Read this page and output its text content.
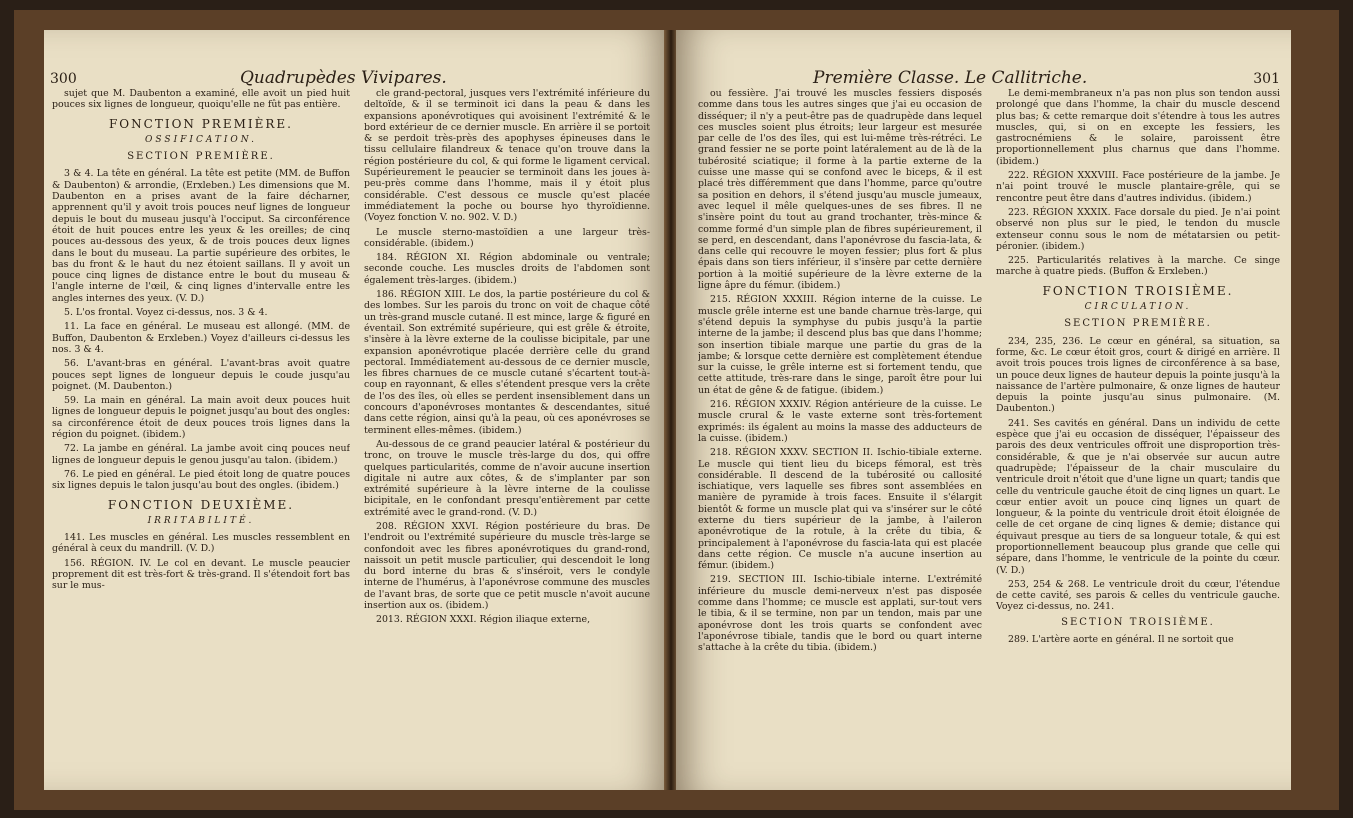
300	Quadrupèdes Vivipares.

sujet que M. Daubenton a examiné, elle avoit un pied huit pouces six lignes de longueur, quoiqu'elle ne fût pas entière.

FONCTION PREMIÈRE.
OSSIFICATION.
SECTION PREMIÈRE.

3 & 4. La tête en général. La tête est petite (MM. de Buffon & Daubenton) & arrondie, (Erxleben.) Les dimensions que M. Daubenton en a prises avant de la faire décharner, apprennent qu'il y avoit trois pouces neuf lignes de longueur depuis le bout du museau jusqu'à l'occiput. Sa circonférence étoit de huit pouces entre les yeux & les oreilles; de cinq pouces au-dessous des yeux, & de trois pouces deux lignes dans le bout du museau. La partie supérieure des orbites, le bas du front & le haut du nez étoient saillans. Il y avoit un pouce cinq lignes de distance entre le bout du museau & l'angle interne de l'œil, & cinq lignes d'intervalle entre les angles internes des yeux. (V. D.)

5. L'os frontal. Voyez ci-dessus, nos. 3 & 4.

11. La face en général. Le museau est allongé. (MM. de Buffon, Daubenton & Erxleben.) Voyez d'ailleurs ci-dessus les nos. 3 & 4.

56. L'avant-bras en général. L'avant-bras avoit quatre pouces sept lignes de longueur depuis le coude jusqu'au poignet. (M. Daubenton.)

59. La main en général. La main avoit deux pouces huit lignes de longueur depuis le poignet jusqu'au bout des ongles: sa circonférence étoit de deux pouces trois lignes dans la région du poignet. (ibidem.)

72. La jambe en général. La jambe avoit cinq pouces neuf lignes de longueur depuis le genou jusqu'au talon. (ibidem.)

76. Le pied en général. Le pied étoit long de quatre pouces six lignes depuis le talon jusqu'au bout des ongles. (ibidem.)

FONCTION DEUXIÈME.
IRRITABILITÉ.

141. Les muscles en général. Les muscles ressemblent en général à ceux du mandrill. (V. D.)

156. RÉGION. IV. Le col en devant. Le muscle peaucier proprement dit est très-fort & très-grand. Il s'étendoit fort bas sur le mus-

cle grand-pectoral, jusques vers l'extrémité inférieure du deltoïde, & il se terminoit ici dans la peau & dans les expansions aponévrotiques qui avoisinent l'extrémité & le bord extérieur de ce dernier muscle. En arrière il se portoit & se perdoit très-près des apophyses épineuses dans le tissu cellulaire filandreux & tenace qu'on trouve dans la région postérieure du col, & qui forme le ligament cervical. Supérieurement le peaucier se terminoit dans les joues à-peu-près comme dans l'homme, mais il y étoit plus considérable. C'est dessous ce muscle qu'est placée immédiatement la poche ou bourse hyo thyroïdienne. (Voyez fonction V. no. 902. V. D.)

Le muscle sterno-mastoïdien a une largeur très-considérable. (ibidem.)

184. RÉGION XI. Région abdominale ou ventrale; seconde couche. Les muscles droits de l'abdomen sont également très-larges. (ibidem.)

186. RÉGION XIII. Le dos, la partie postérieure du col & des lombes. Sur les parois du tronc on voit de chaque côté un très-grand muscle cutané. Il est mince, large & figuré en éventail. Son extrémité supérieure, qui est grêle & étroite, s'insère à la lèvre externe de la coulisse bicipitale, par une expansion aponévrotique placée derrière celle du grand pectoral. Immédiatement au-dessous de ce dernier muscle, les fibres charnues de ce muscle cutané s'écartent tout-à-coup en rayonnant, & elles s'étendent presque vers la crête de l'os des îles, où elles se perdent insensiblement dans un concours d'aponévroses montantes & descendantes, situé dans cette région, ainsi qu'à la peau, où ces aponévroses se terminent elles-mêmes. (ibidem.)

Au-dessous de ce grand peaucier latéral & postérieur du tronc, on trouve le muscle très-large du dos, qui offre quelques particularités, comme de n'avoir aucune insertion digitale ni autre aux côtes, & de s'implanter par son extrémité supérieure à la lèvre interne de la coulisse bicipitale, en le confondant presqu'entièrement par cette extrémité avec le grand-rond. (V. D.)

208. RÉGION XXVI. Région postérieure du bras. De l'endroit ou l'extrémité supérieure du muscle très-large se confondoit avec les fibres aponévrotiques du grand-rond, naissoit un petit muscle particulier, qui descendoit le long du bord interne du bras & s'inséroit, vers le condyle interne de l'humérus, à l'aponévrose commune des muscles de l'avant bras, de sorte que ce petit muscle n'avoit aucune insertion aux os. (ibidem.)

2013. RÉGION XXXI. Région iliaque externe,

Première Classe. Le Callitriche.	301

ou fessière. J'ai trouvé les muscles fessiers disposés comme dans tous les autres singes que j'ai eu occasion de disséquer; il n'y a peut-être pas de quadrupède dans lequel ces muscles soient plus étroits; leur largeur est mesurée par celle de l'os des îles, qui est lui-même très-rétréci. Le grand fessier ne se porte point latéralement au de là de la tubérosité sciatique; il forme à la partie externe de la cuisse une masse qui se confond avec le biceps, & il est placé très différemment que dans l'homme, parce qu'outre sa position en dehors, il s'étend jusqu'au muscle jumeaux, avec lequel il mêle quelques-unes de ses fibres. Il ne s'insère point du tout au grand trochanter, très-mince & comme formé d'un simple plan de fibres supérieurement, il se perd, en descendant, dans l'aponévrose du fascia-lata, & dans celle qui recouvre le moyen fessier; plus fort & plus épais dans son tiers inférieur, il s'insère par cette dernière portion à la moitié supérieure de la lèvre externe de la ligne âpre du fémur. (ibidem.)

215. RÉGION XXXIII. Région interne de la cuisse. Le muscle grêle interne est une bande charnue très-large, qui s'étend depuis la symphyse du pubis jusqu'à la partie interne de la jambe; il descend plus bas que dans l'homme; son insertion tibiale marque une partie du gras de la jambe; & lorsque cette dernière est complètement étendue sur la cuisse, le grêle interne est si fortement tendu, que cette attitude, très-rare dans le singe, paroît être pour lui un état de gêne & de fatigue. (ibidem.)

216. RÉGION XXXIV. Région antérieure de la cuisse. Le muscle crural & le vaste externe sont très-fortement exprimés: ils égalent au moins la masse des adducteurs de la cuisse. (ibidem.)

218. RÉGION XXXV. SECTION II. Ischio-tibiale externe. Le muscle qui tient lieu du biceps fémoral, est très considérable. Il descend de la tubérosité ou callosité ischiatique, vers laquelle ses fibres sont assemblées en manière de pyramide à trois faces. Ensuite il s'élargit bientôt & forme un muscle plat qui va s'insérer sur le côté externe du tiers supérieur de la jambe, à l'aileron aponévrotique de la rotule, à la crête du tibia, & principalement à l'aponévrose du fascia-lata qui est placée dans cette région. Ce muscle n'a aucune insertion au fémur. (ibidem.)

219. SECTION III. Ischio-tibiale interne. L'extrémité inférieure du muscle demi-nerveux n'est pas disposée comme dans l'homme; ce muscle est applati, sur-tout vers le tibia, & il se termine, non par un tendon, mais par une aponévrose dont les trois quarts se confondent avec l'aponévrose tibiale, tandis que le bord ou quart interne s'attache à la crête du tibia. (ibidem.)

Le demi-membraneux n'a pas non plus son tendon aussi prolongé que dans l'homme, la chair du muscle descend plus bas; & cette remarque doit s'étendre à tous les autres muscles, qui, si on en excepte les fessiers, les gastrocnémiens & le solaire, paroissent être proportionnellement plus charnus que dans l'homme. (ibidem.)

222. RÉGION XXXVIII. Face postérieure de la jambe. Je n'ai point trouvé le muscle plantaire-grêle, qui se rencontre peut être dans d'autres individus. (ibidem.)

223. RÉGION XXXIX. Face dorsale du pied. Je n'ai point observé non plus sur le pied, le tendon du muscle extenseur connu sous le nom de métatarsien ou petit-péronier. (ibidem.)

225. Particularités relatives à la marche. Ce singe marche à quatre pieds. (Buffon & Erxleben.)

FONCTION TROISIÈME.
CIRCULATION.
SECTION PREMIÈRE.

234, 235, 236. Le cœur en général, sa situation, sa forme, &c. Le cœur étoit gros, court & dirigé en arrière. Il avoit trois pouces trois lignes de circonférence à sa base, un pouce deux lignes de hauteur depuis la pointe jusqu'à la naissance de l'artère pulmonaire, & onze lignes de hauteur depuis la pointe jusqu'au sinus pulmonaire. (M. Daubenton.)

241. Ses cavités en général. Dans un individu de cette espèce que j'ai eu occasion de disséquer, l'épaisseur des parois des deux ventricules offroit une disproportion très-considérable, & que je n'ai observée sur aucun autre quadrupède; l'épaisseur de la chair musculaire du ventricule droit n'étoit que d'une ligne un quart; tandis que celle du ventricule gauche étoit de cinq lignes un quart. Le cœur entier avoit un pouce cinq lignes un quart de longueur, & la pointe du ventricule droit étoit éloignée de celle de cet organe de cinq lignes & demie; distance qui équivaut presque au tiers de sa longueur totale, & qui est proportionnellement beaucoup plus grande que celle qui sépare, dans l'homme, le ventricule de la pointe du cœur. (V. D.)

253, 254 & 268. Le ventricule droit du cœur, l'étendue de cette cavité, ses parois & celles du ventricule gauche. Voyez ci-dessus, no. 241.

SECTION TROISIÈME.

289. L'artère aorte en général. Il ne sortoit que
